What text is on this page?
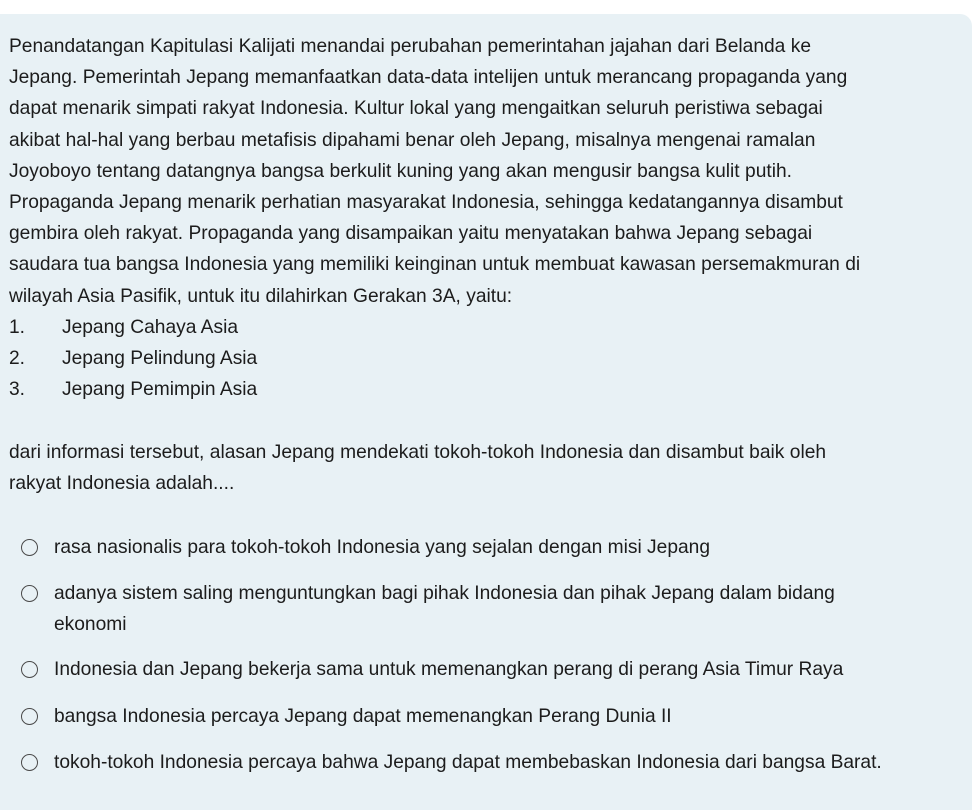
Penandatangan Kapitulasi Kalijati menandai perubahan pemerintahan jajahan dari Belanda ke
Jepang. Pemerintah Jepang memanfaatkan data-data intelijen untuk merancang propaganda yang
dapat menarik simpati rakyat Indonesia. Kultur lokal yang mengaitkan seluruh peristiwa sebagai
akibat hal-hal yang berbau metafisis dipahami benar oleh Jepang, misalnya mengenai ramalan
Joyoboyo tentang datangnya bangsa berkulit kuning yang akan mengusir bangsa kulit putih.
Propaganda Jepang menarik perhatian masyarakat Indonesia, sehingga kedatangannya disambut
gembira oleh rakyat. Propaganda yang disampaikan yaitu menyatakan bahwa Jepang sebagai
saudara tua bangsa Indonesia yang memiliki keinginan untuk membuat kawasan persemakmuran di
wilayah Asia Pasifik, untuk itu dilahirkan Gerakan 3A, yaitu:

1.	Jepang Cahaya Asia
2.	Jepang Pelindung Asia
3.	Jepang Pemimpin Asia

dari informasi tersebut, alasan Jepang mendekati tokoh-tokoh Indonesia dan disambut baik oleh
rakyat Indonesia adalah....

rasa nasionalis para tokoh-tokoh Indonesia yang sejalan dengan misi Jepang
adanya sistem saling menguntungkan bagi pihak Indonesia dan pihak Jepang dalam bidang
ekonomi
Indonesia dan Jepang bekerja sama untuk memenangkan perang di perang Asia Timur Raya
bangsa Indonesia percaya Jepang dapat memenangkan Perang Dunia II
tokoh-tokoh Indonesia percaya bahwa Jepang dapat membebaskan Indonesia dari bangsa Barat.
